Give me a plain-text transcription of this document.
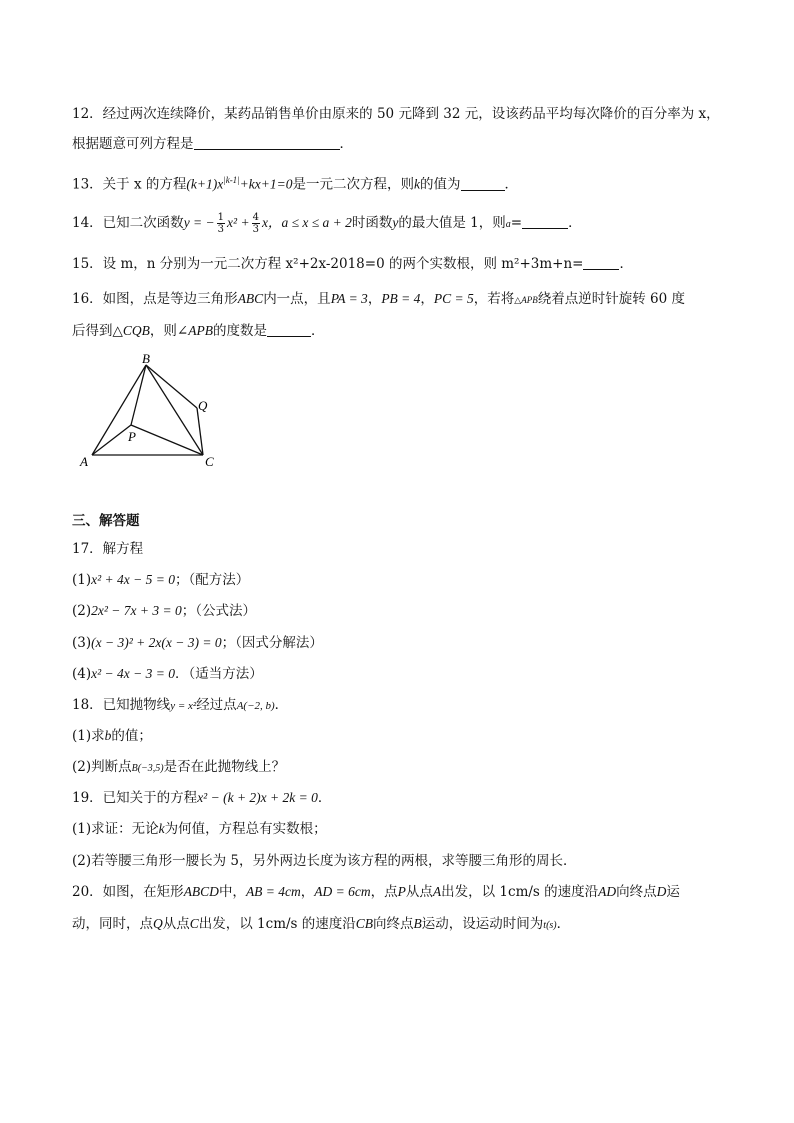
12．经过两次连续降价，某药品销售单价由原来的 50 元降到 32 元，设该药品平均每次降价的百分率为 x，
根据题意可列方程是	．
13．关于 x 的方程$(k+1)x^{|k-1|}+kx+1=0$是一元二次方程，则k的值为	．
14．已知二次函数y = − $\frac{1}{3} x^2 + \frac{4}{3}$ x，a ≤ x ≤ a + 2时函数y的最大值是 1，则a=	．
15．设 m，n 分别为一元二次方程 x²+2x-2018=0 的两个实数根，则 m²+3m+n=	．
16．如图，点是等边三角形ABC内一点，且PA = 3，PB = 4，PC = 5，若将△APB绕着点逆时针旋转 60 度
后得到△CQB，则∠APB的度数是	．
B
Q
P
A	C
三、解答题
17．解方程
(1)x² + 4x − 5 = 0；（配方法）
(2)2x² − 7x + 3 = 0；（公式法）
(3)(x − 3)² + 2x(x − 3) = 0；（因式分解法）
(4)x² − 4x − 3 = 0．（适当方法）
18．已知抛物线y = x²经过点A(−2, b)．
(1)求b的值；
(2)判断点B(−3,5)是否在此抛物线上？
19．已知关于的方程x² − (k + 2)x + 2k = 0．
(1)求证：无论k为何值，方程总有实数根；
(2)若等腰三角形一腰长为 5，另外两边长度为该方程的两根，求等腰三角形的周长．
20．如图，在矩形ABCD中，AB = 4cm，AD = 6cm，点P从点A出发，以 1cm/s 的速度沿AD向终点D运
动，同时，点Q从点C出发，以 1cm/s 的速度沿CB向终点B运动，设运动时间为t(s)．
